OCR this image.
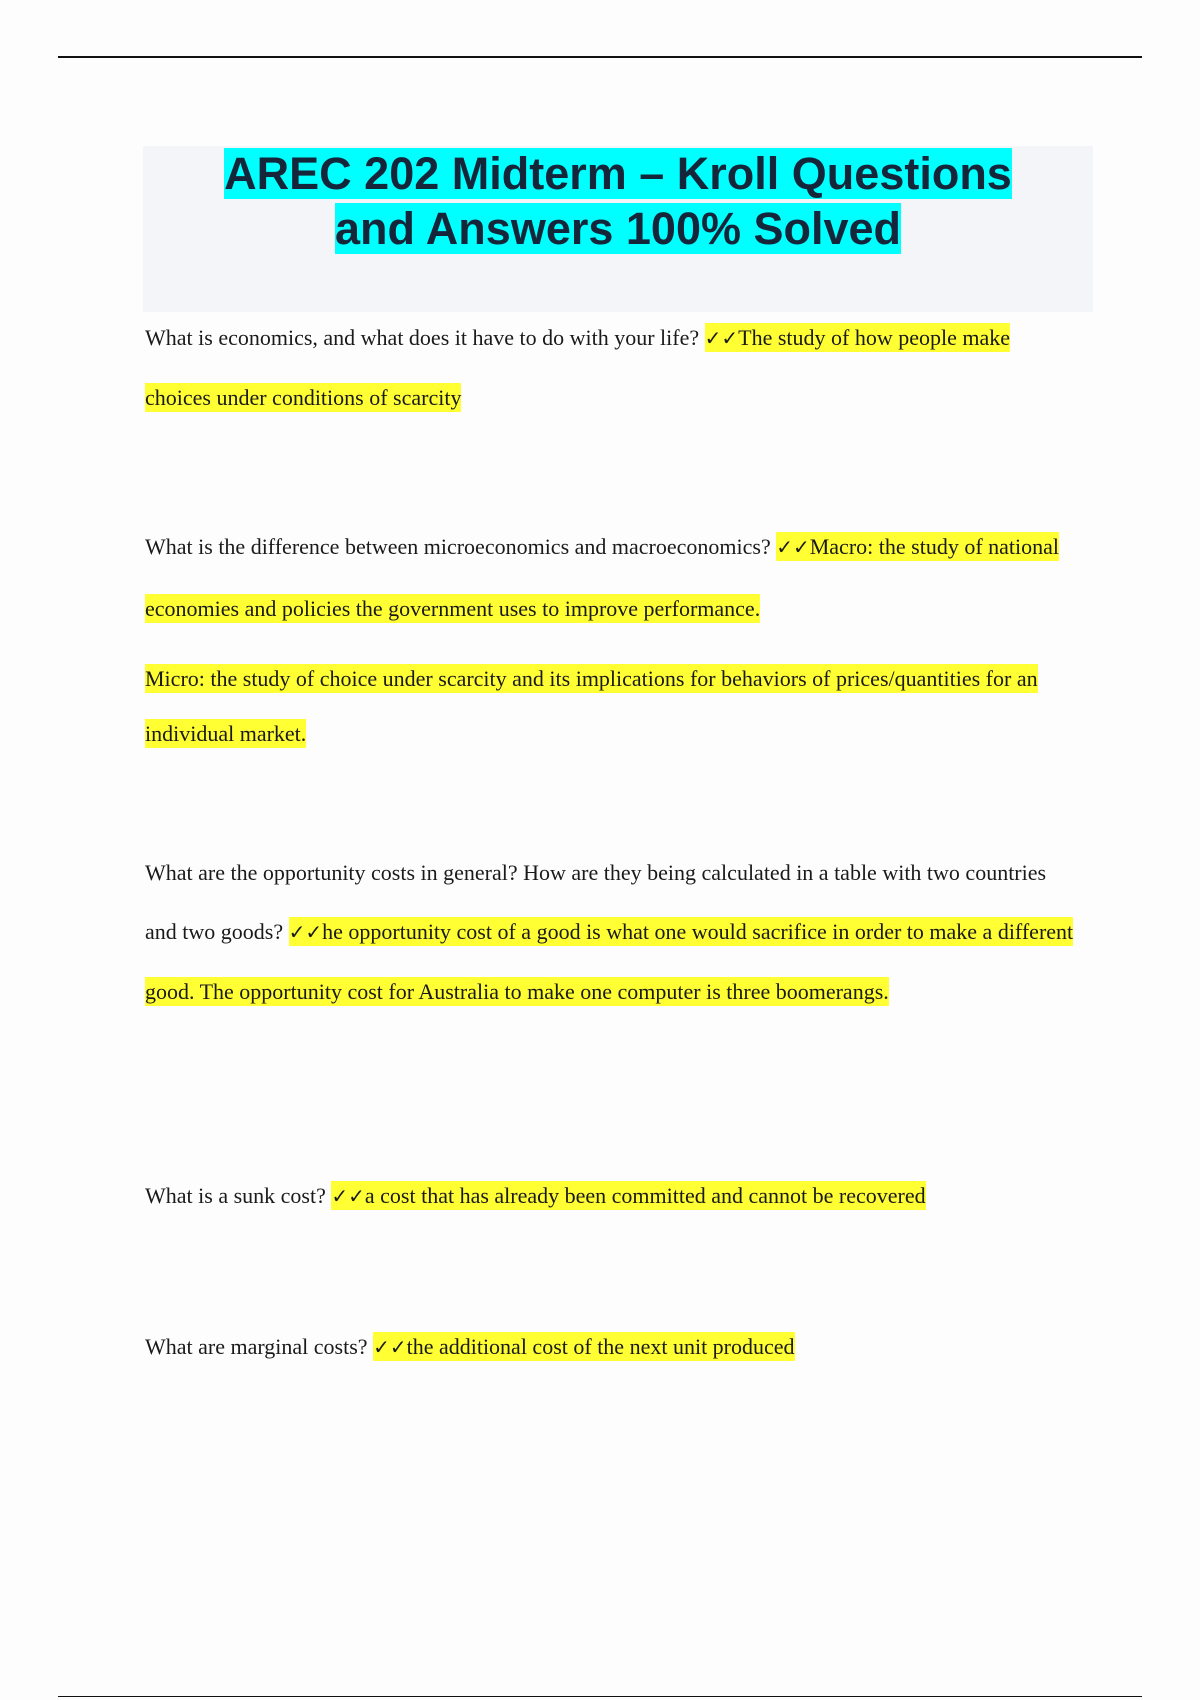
AREC 202 Midterm – Kroll Questions
and Answers 100% Solved

What is economics, and what does it have to do with your life? ✓✓The study of how people make choices under conditions of scarcity

What is the difference between microeconomics and macroeconomics? ✓✓Macro: the study of national economies and policies the government uses to improve performance.

Micro: the study of choice under scarcity and its implications for behaviors of prices/quantities for an individual market.

What are the opportunity costs in general? How are they being calculated in a table with two countries and two goods? ✓✓he opportunity cost of a good is what one would sacrifice in order to make a different good. The opportunity cost for Australia to make one computer is three boomerangs.

What is a sunk cost? ✓✓a cost that has already been committed and cannot be recovered

What are marginal costs? ✓✓the additional cost of the next unit produced
